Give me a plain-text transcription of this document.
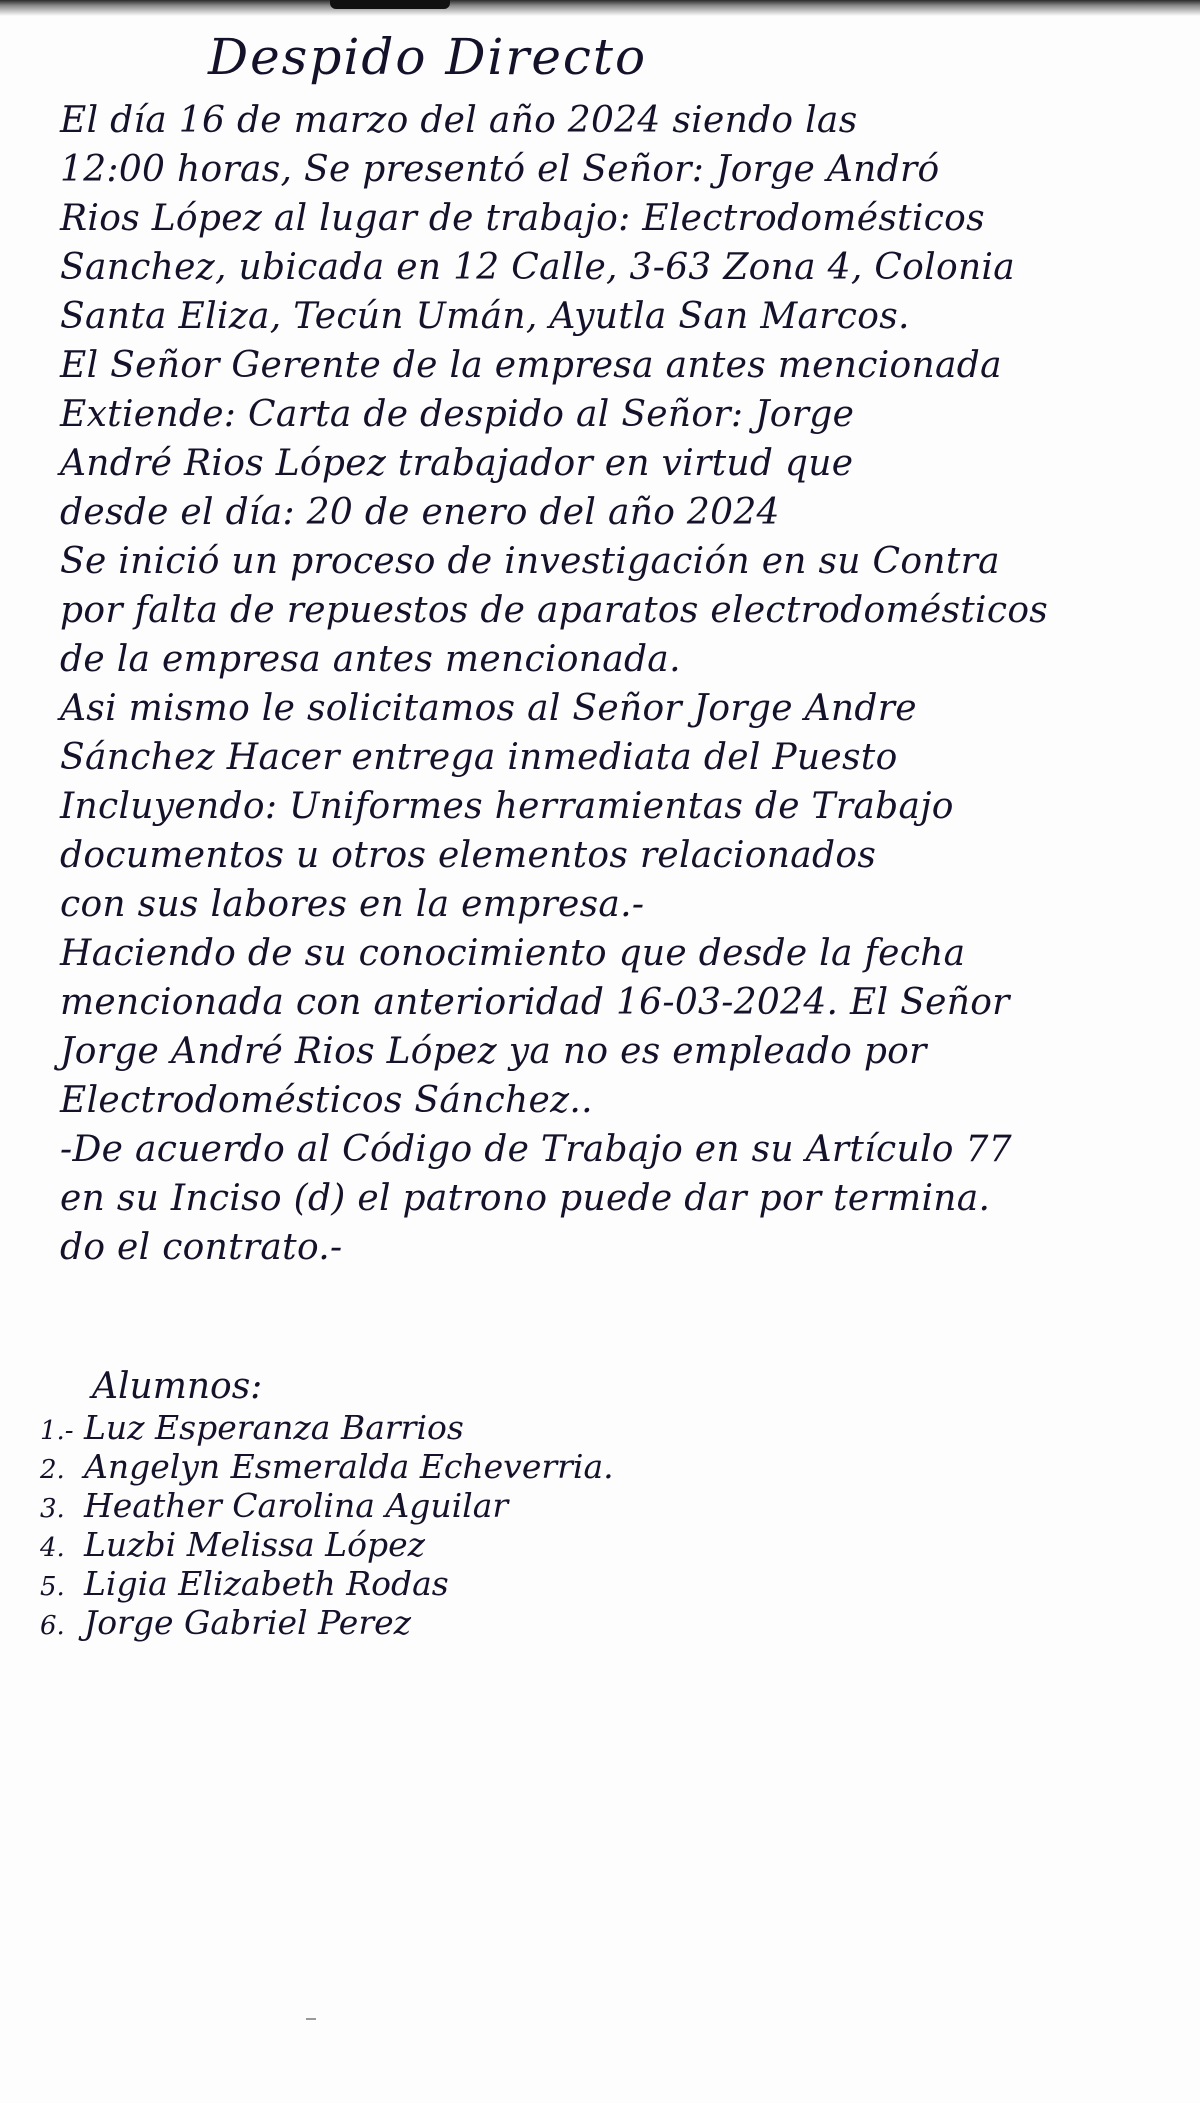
Despido Directo
El día 16 de marzo del año 2024 siendo las
12:00 horas, Se presentó el Señor: Jorge Andró
Rios López al lugar de trabajo: Electrodomésticos
Sanchez, ubicada en 12 Calle, 3-63 Zona 4, Colonia
Santa Eliza, Tecún Umán, Ayutla San Marcos.
El Señor Gerente de la empresa antes mencionada
Extiende: Carta de despido al Señor: Jorge
André Rios López trabajador en virtud que
desde el día: 20 de enero del año 2024
Se inició un proceso de investigación en su Contra
por falta de repuestos de aparatos electrodomésticos
de la empresa antes mencionada.
Asi mismo le solicitamos al Señor Jorge Andre
Sánchez Hacer entrega inmediata del Puesto
Incluyendo: Uniformes herramientas de Trabajo
documentos u otros elementos relacionados
con sus labores en la empresa.-
Haciendo de su conocimiento que desde la fecha
mencionada con anterioridad 16-03-2024. El Señor
Jorge André Rios López ya no es empleado por
Electrodomésticos Sánchez..
-De acuerdo al Código de Trabajo en su Artículo 77
en su Inciso (d) el patrono puede dar por termina.
do el contrato.-
Alumnos:
1.- Luz Esperanza Barrios
2. Angelyn Esmeralda Echeverria.
3. Heather Carolina Aguilar
4. Luzbi Melissa López
5. Ligia Elizabeth Rodas
6. Jorge Gabriel Perez
